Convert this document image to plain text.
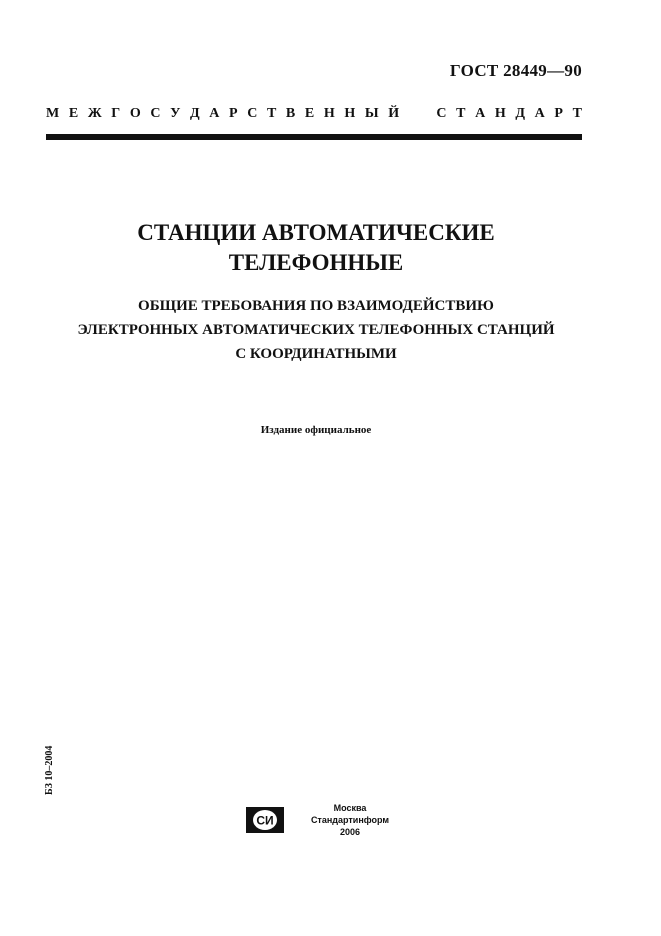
ГОСТ 28449—90
М Е Ж Г О С У Д А Р С Т В Е Н Н Ы Й	С Т А Н Д А Р Т
СТАНЦИИ АВТОМАТИЧЕСКИЕ
ТЕЛЕФОННЫЕ
ОБЩИЕ ТРЕБОВАНИЯ ПО ВЗАИМОДЕЙСТВИЮ
ЭЛЕКТРОННЫХ АВТОМАТИЧЕСКИХ ТЕЛЕФОННЫХ СТАНЦИЙ
С КООРДИНАТНЫМИ
Издание официальное
БЗ 10–2004
СИ
Москва
Стандартинформ
2006
